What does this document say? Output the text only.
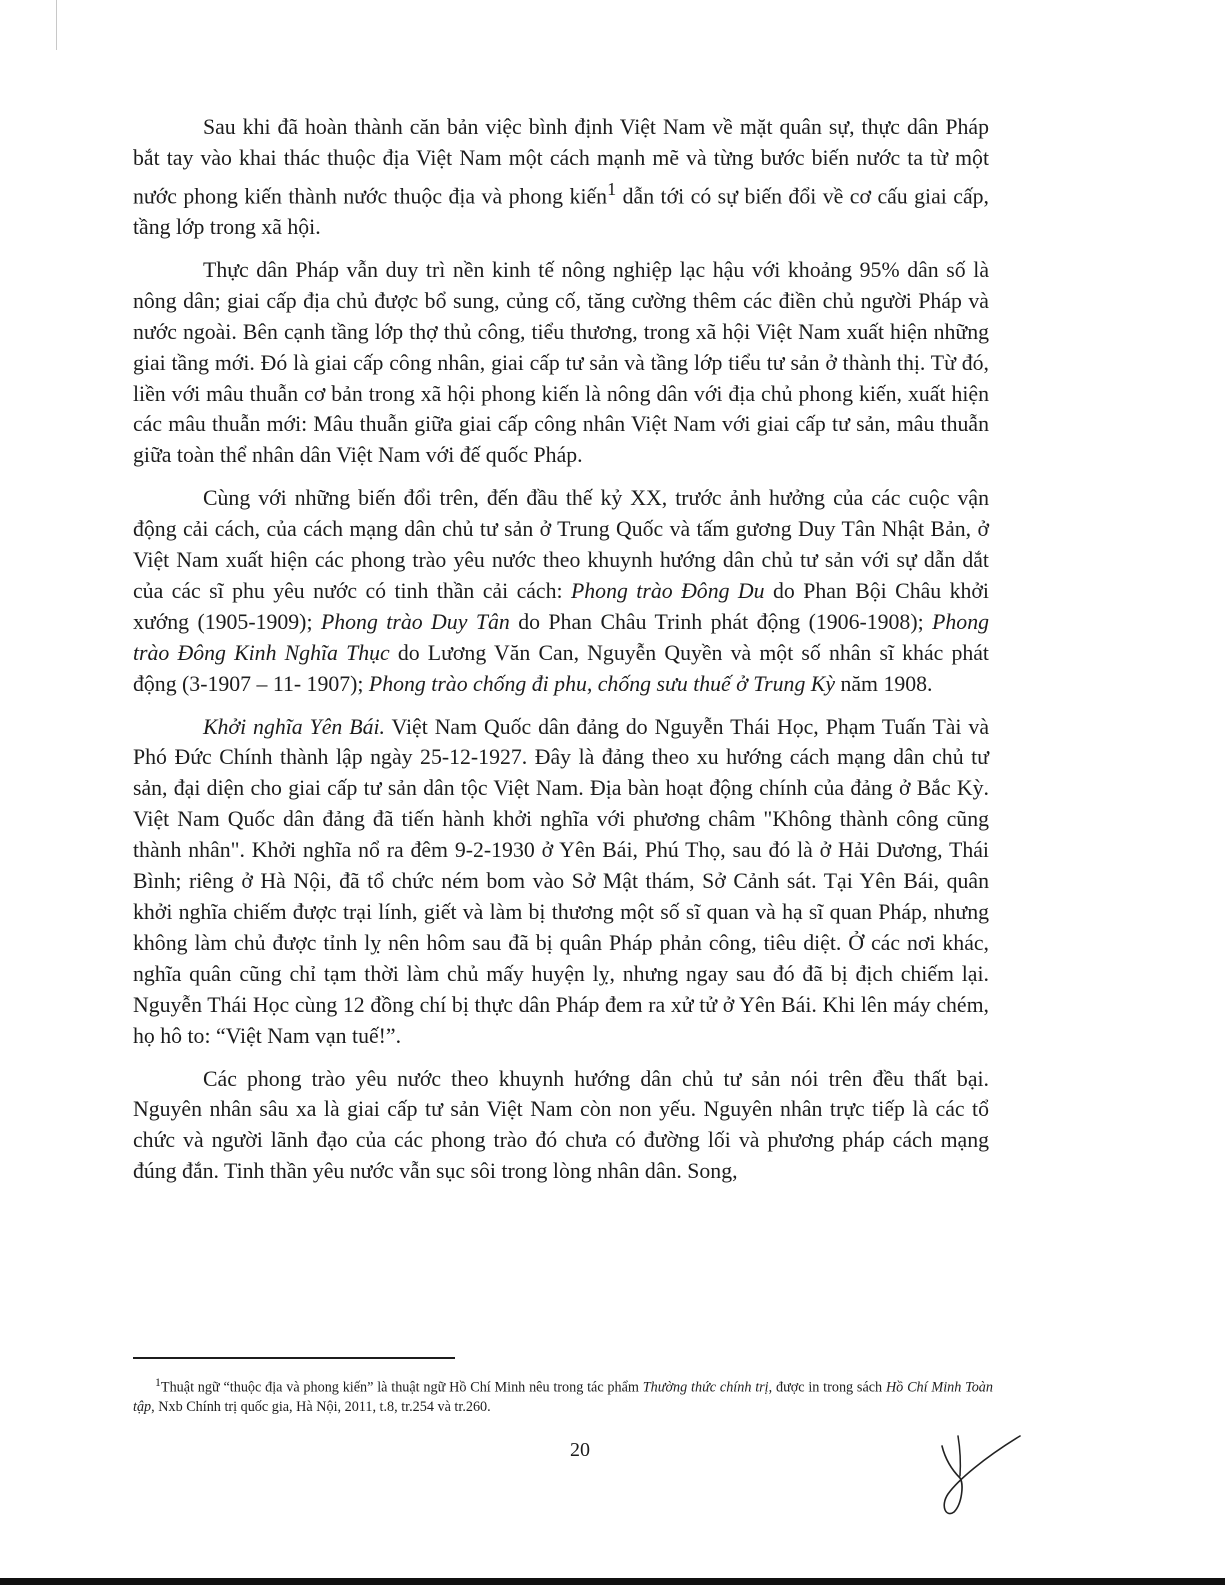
Sau khi đã hoàn thành căn bản việc bình định Việt Nam về mặt quân sự, thực dân Pháp bắt tay vào khai thác thuộc địa Việt Nam một cách mạnh mẽ và từng bước biến nước ta từ một nước phong kiến thành nước thuộc địa và phong kiến$^1$ dẫn tới có sự biến đổi về cơ cấu giai cấp, tầng lớp trong xã hội.

Thực dân Pháp vẫn duy trì nền kinh tế nông nghiệp lạc hậu với khoảng 95% dân số là nông dân; giai cấp địa chủ được bổ sung, củng cố, tăng cường thêm các điền chủ người Pháp và nước ngoài. Bên cạnh tầng lớp thợ thủ công, tiểu thương, trong xã hội Việt Nam xuất hiện những giai tầng mới. Đó là giai cấp công nhân, giai cấp tư sản và tầng lớp tiểu tư sản ở thành thị. Từ đó, liền với mâu thuẫn cơ bản trong xã hội phong kiến là nông dân với địa chủ phong kiến, xuất hiện các mâu thuẫn mới: Mâu thuẫn giữa giai cấp công nhân Việt Nam với giai cấp tư sản, mâu thuẫn giữa toàn thể nhân dân Việt Nam với đế quốc Pháp.

Cùng với những biến đổi trên, đến đầu thế kỷ XX, trước ảnh hưởng của các cuộc vận động cải cách, của cách mạng dân chủ tư sản ở Trung Quốc và tấm gương Duy Tân Nhật Bản, ở Việt Nam xuất hiện các phong trào yêu nước theo khuynh hướng dân chủ tư sản với sự dẫn dắt của các sĩ phu yêu nước có tinh thần cải cách: Phong trào Đông Du do Phan Bội Châu khởi xướng (1905-1909); Phong trào Duy Tân do Phan Châu Trinh phát động (1906-1908); Phong trào Đông Kinh Nghĩa Thục do Lương Văn Can, Nguyễn Quyền và một số nhân sĩ khác phát động (3-1907 – 11- 1907); Phong trào chống đi phu, chống sưu thuế ở Trung Kỳ năm 1908.

Khởi nghĩa Yên Bái. Việt Nam Quốc dân đảng do Nguyễn Thái Học, Phạm Tuấn Tài và Phó Đức Chính thành lập ngày 25-12-1927. Đây là đảng theo xu hướng cách mạng dân chủ tư sản, đại diện cho giai cấp tư sản dân tộc Việt Nam. Địa bàn hoạt động chính của đảng ở Bắc Kỳ. Việt Nam Quốc dân đảng đã tiến hành khởi nghĩa với phương châm "Không thành công cũng thành nhân". Khởi nghĩa nổ ra đêm 9-2-1930 ở Yên Bái, Phú Thọ, sau đó là ở Hải Dương, Thái Bình; riêng ở Hà Nội, đã tổ chức ném bom vào Sở Mật thám, Sở Cảnh sát. Tại Yên Bái, quân khởi nghĩa chiếm được trại lính, giết và làm bị thương một số sĩ quan và hạ sĩ quan Pháp, nhưng không làm chủ được tỉnh lỵ nên hôm sau đã bị quân Pháp phản công, tiêu diệt. Ở các nơi khác, nghĩa quân cũng chỉ tạm thời làm chủ mấy huyện lỵ, nhưng ngay sau đó đã bị địch chiếm lại. Nguyễn Thái Học cùng 12 đồng chí bị thực dân Pháp đem ra xử tử ở Yên Bái. Khi lên máy chém, họ hô to: “Việt Nam vạn tuế!”.

Các phong trào yêu nước theo khuynh hướng dân chủ tư sản nói trên đều thất bại. Nguyên nhân sâu xa là giai cấp tư sản Việt Nam còn non yếu. Nguyên nhân trực tiếp là các tổ chức và người lãnh đạo của các phong trào đó chưa có đường lối và phương pháp cách mạng đúng đắn. Tinh thần yêu nước vẫn sục sôi trong lòng nhân dân. Song,

$^1$Thuật ngữ “thuộc địa và phong kiến” là thuật ngữ Hồ Chí Minh nêu trong tác phẩm Thường thức chính trị, được in trong sách Hồ Chí Minh Toàn tập, Nxb Chính trị quốc gia, Hà Nội, 2011, t.8, tr.254 và tr.260.
20
